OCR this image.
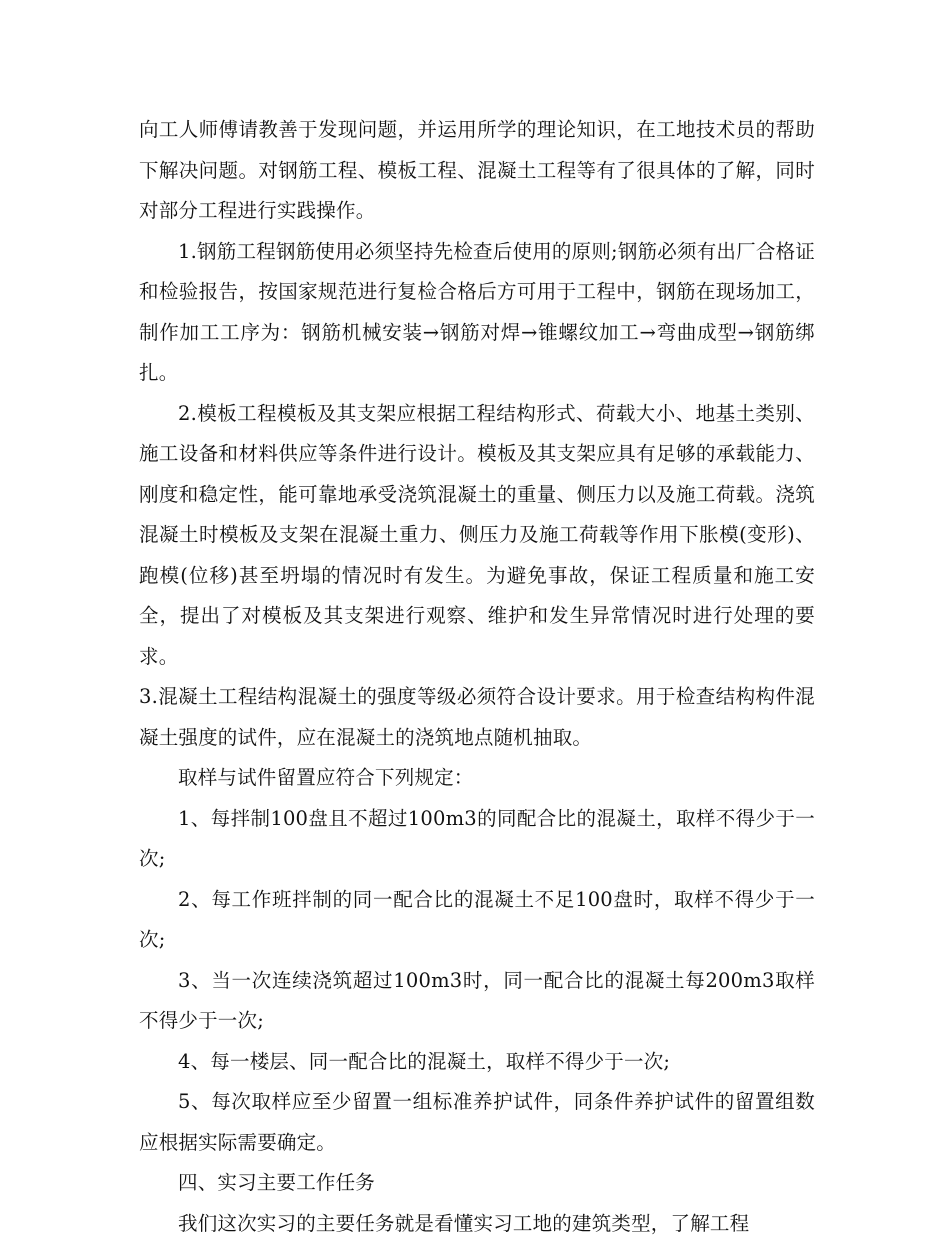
向工人师傅请教善于发现问题，并运用所学的理论知识，在工地技术员的帮助下解决问题。对钢筋工程、模板工程、混凝土工程等有了很具体的了解，同时对部分工程进行实践操作。

1.钢筋工程钢筋使用必须坚持先检查后使用的原则;钢筋必须有出厂合格证和检验报告，按国家规范进行复检合格后方可用于工程中，钢筋在现场加工，制作加工工序为：钢筋机械安装→钢筋对焊→锥螺纹加工→弯曲成型→钢筋绑扎。

2.模板工程模板及其支架应根据工程结构形式、荷载大小、地基土类别、施工设备和材料供应等条件进行设计。模板及其支架应具有足够的承载能力、刚度和稳定性，能可靠地承受浇筑混凝土的重量、侧压力以及施工荷载。浇筑混凝土时模板及支架在混凝土重力、侧压力及施工荷载等作用下胀模(变形)、跑模(位移)甚至坍塌的情况时有发生。为避免事故，保证工程质量和施工安全，提出了对模板及其支架进行观察、维护和发生异常情况时进行处理的要求。

3.混凝土工程结构混凝土的强度等级必须符合设计要求。用于检查结构构件混凝土强度的试件，应在混凝土的浇筑地点随机抽取。

取样与试件留置应符合下列规定：

1、每拌制100盘且不超过100m3的同配合比的混凝土，取样不得少于一次;

2、每工作班拌制的同一配合比的混凝土不足100盘时，取样不得少于一次;

3、当一次连续浇筑超过100m3时，同一配合比的混凝土每200m3取样不得少于一次;

4、每一楼层、同一配合比的混凝土，取样不得少于一次;

5、每次取样应至少留置一组标准养护试件，同条件养护试件的留置组数应根据实际需要确定。

四、实习主要工作任务

我们这次实习的主要任务就是看懂实习工地的建筑类型，了解工程
